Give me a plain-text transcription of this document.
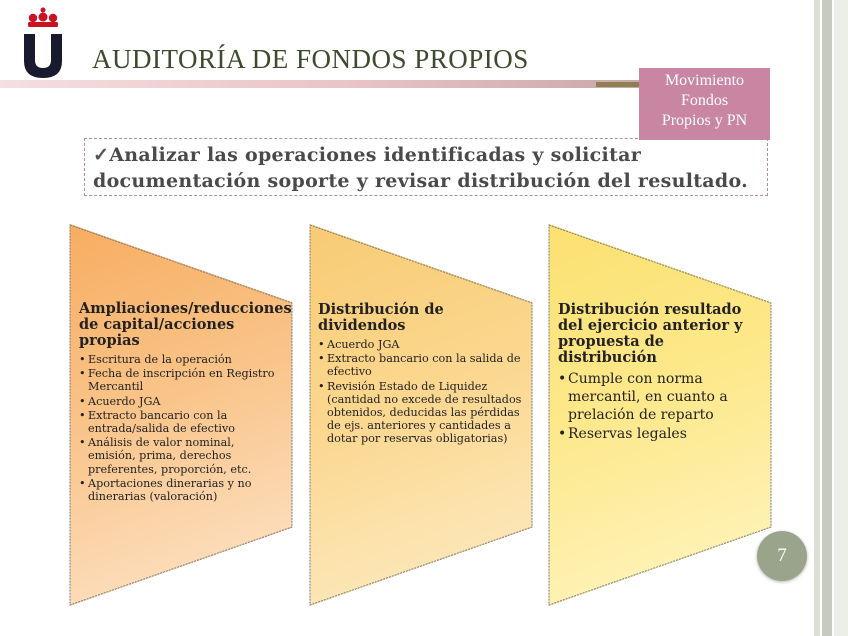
AUDITORÍA DE FONDOS PROPIOS
Movimiento
Fondos
Propios y PN
✓Analizar las operaciones identificadas y solicitar
documentación soporte y revisar distribución del resultado.
Ampliaciones/reducciones de capital/acciones propias
• Escritura de la operación
• Fecha de inscripción en Registro Mercantil
• Acuerdo JGA
• Extracto bancario con la entrada/salida de efectivo
• Análisis de valor nominal, emisión, prima, derechos preferentes, proporción, etc.
• Aportaciones dinerarias y no dinerarias (valoración)
Distribución de dividendos
• Acuerdo JGA
• Extracto bancario con la salida de efectivo
• Revisión Estado de Liquidez (cantidad no excede de resultados obtenidos, deducidas las pérdidas de ejs. anteriores y cantidades a dotar por reservas obligatorias)
Distribución resultado del ejercicio anterior y propuesta de distribución
• Cumple con norma mercantil, en cuanto a prelación de reparto
• Reservas legales
7
